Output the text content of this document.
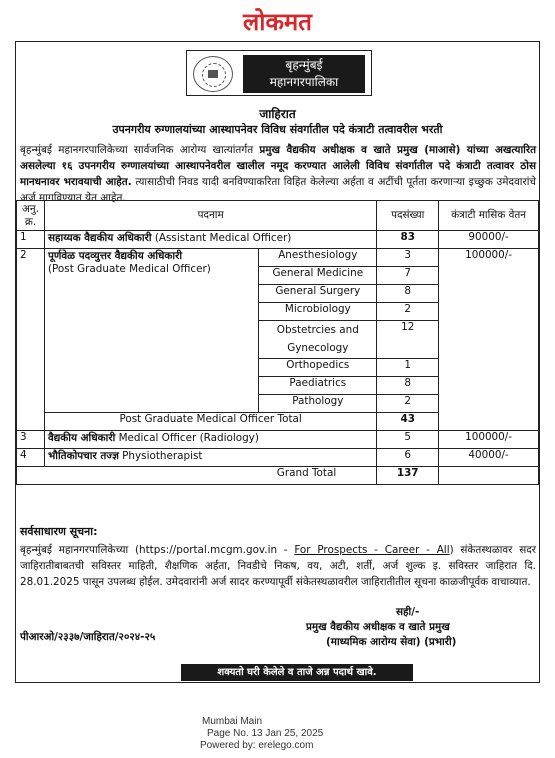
लोकमत
बृहन्मुंबई
महानगरपालिका
जाहिरात
उपनगरीय रुग्णालयांच्या आस्थापनेवर विविध संवर्गातील पदे कंत्राटी तत्वावरील भरती

बृहन्मुंबई महानगरपालिकेच्या सार्वजनिक आरोग्य खात्यांतर्गत प्रमुख वैद्यकीय अधीक्षक व खाते प्रमुख (माआसे) यांच्या अखत्यारित असलेल्या १६ उपनगरीय रुग्णालयांच्या आस्थापनेवरील खालील नमूद करण्यात आलेली विविध संवर्गातील पदे कंत्राटी तत्वावर ठोस मानधनावर भरावयाची आहेत. त्यासाठीची निवड यादी बनविण्याकरिता विहित केलेल्या अर्हता व अटींची पूर्तता करणाऱ्या इच्छुक उमेदवारांचे अर्ज मागविण्यात येत आहेत.

अनु. क्र.	पदनाम		पदसंख्या	कंत्राटी मासिक वेतन
1	सहाय्यक वैद्यकीय अधिकारी (Assistant Medical Officer)		83	90000/-
2	पूर्णवेळ पदव्युत्तर वैद्यकीय अधिकारी
(Post Graduate Medical Officer)	Anesthesiology	3	100000/-
		General Medicine	7	
		General Surgery	8	
		Microbiology	2	
		Obstetrcies and Gynecology	12	
		Orthopedics	1	
		Paediatrics	8	
		Pathology	2	
	Post Graduate Medical Officer Total		43	
3	वैद्यकीय अधिकारी Medical Officer (Radiology)		5	100000/-
4	भौतिकोपचार तज्ज्ञ Physiotherapist		6	40000/-
	Grand Total		137	
सर्वसाधारण सूचना:

बृहन्मुंबई महानगरपालिकेच्या (https://portal.mcgm.gov.in - For Prospects - Career - All) संकेतस्थळावर सदर जाहिरातीबाबतची सविस्तर माहिती, शैक्षणिक अर्हता, निवडीचे निकष, वय, अटी, शर्ती, अर्ज शुल्क इ. सविस्तर जाहिरात दि. 28.01.2025 पासून उपलब्ध होईल. उमेदवारांनी अर्ज सादर करण्यापूर्वी संकेतस्थळावरील जाहिरातीतील सूचना काळजीपूर्वक वाचाव्यात.

सही/-
प्रमुख वैद्यकीय अधीक्षक व खाते प्रमुख
पीआरओ/२३३७/जाहिरात/२०२४-२५	(माध्यमिक आरोग्य सेवा) (प्रभारी)
शक्यतो घरी केलेले व ताजे अन्न पदार्थ खावे.
Mumbai Main
Page No. 13 Jan 25, 2025
Powered by: erelego.com
